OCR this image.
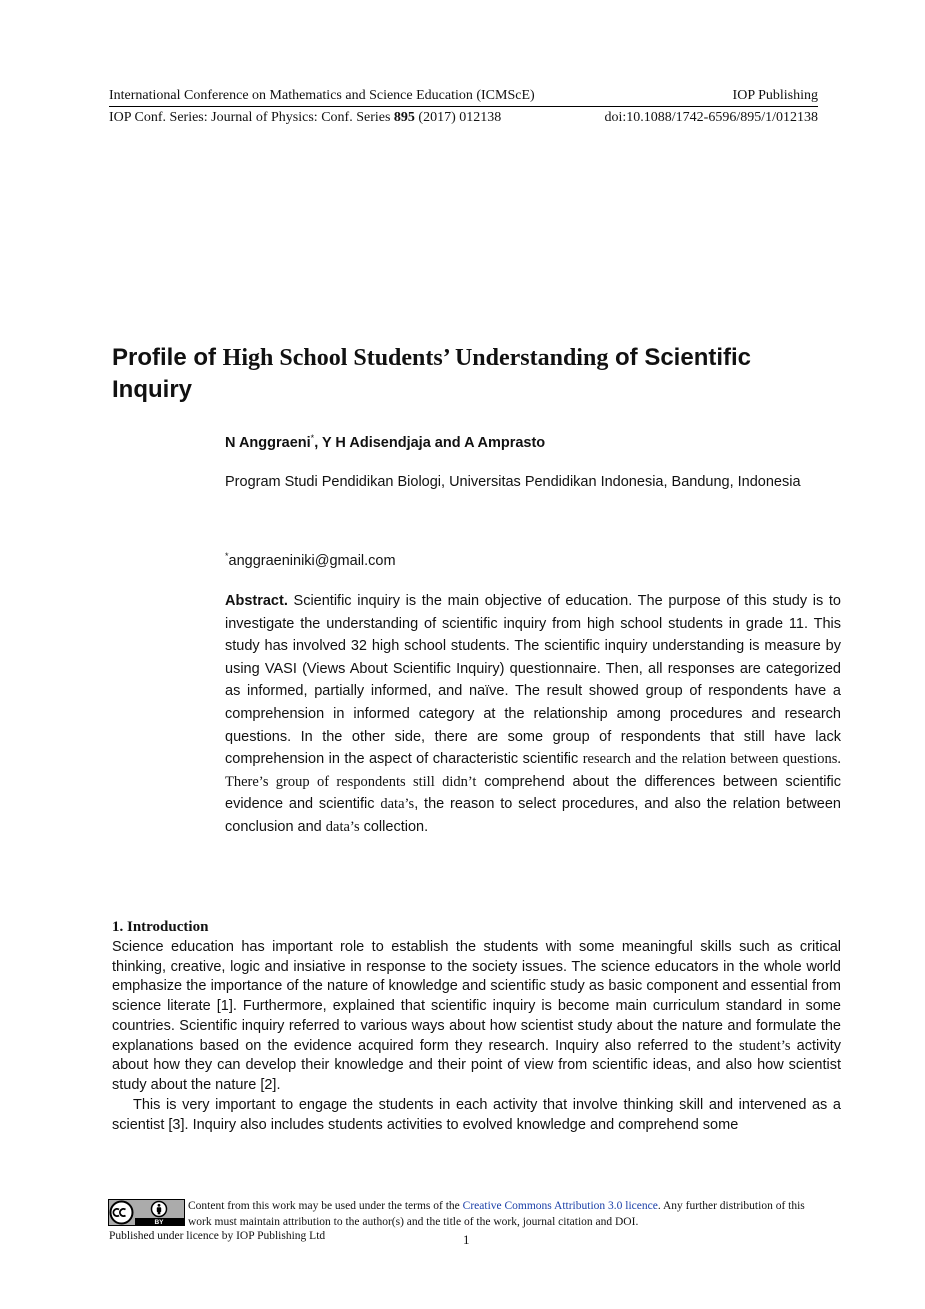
International Conference on Mathematics and Science Education (ICMScE)	IOP Publishing
IOP Conf. Series: Journal of Physics: Conf. Series 895 (2017) 012138	doi:10.1088/1742-6596/895/1/012138
Profile of High School Students’ Understanding of Scientific Inquiry

N Anggraeni*, Y H Adisendjaja and A Amprasto

Program Studi Pendidikan Biologi, Universitas Pendidikan Indonesia, Bandung, Indonesia

*anggraeniniki@gmail.com

Abstract. Scientific inquiry is the main objective of education. The purpose of this study is to investigate the understanding of scientific inquiry from high school students in grade 11. This study has involved 32 high school students. The scientific inquiry understanding is measure by using VASI (Views About Scientific Inquiry) questionnaire. Then, all responses are categorized as informed, partially informed, and naïve. The result showed group of respondents have a comprehension in informed category at the relationship among procedures and research questions. In the other side, there are some group of respondents that still have lack comprehension in the aspect of characteristic scientific research and the relation between questions. There’s group of respondents still didn’t comprehend about the differences between scientific evidence and scientific data’s, the reason to select procedures, and also the relation between conclusion and data’s collection.

1. Introduction

Science education has important role to establish the students with some meaningful skills such as critical thinking, creative, logic and insiative in response to the society issues. The science educators in the whole world emphasize the importance of the nature of knowledge and scientific study as basic component and essential from science literate [1]. Furthermore, explained that scientific inquiry is become main curriculum standard in some countries. Scientific inquiry referred to various ways about how scientist study about the nature and formulate the explanations based on the evidence acquired form they research. Inquiry also referred to the student’s activity about how they can develop their knowledge and their point of view from scientific ideas, and also how scientist study about the nature [2].

This is very important to engage the students in each activity that involve thinking skill and intervened as a scientist [3]. Inquiry also includes students activities to evolved knowledge and comprehend some

BY

Content from this work may be used under the terms of the Creative Commons Attribution 3.0 licence. Any further distribution of this work must maintain attribution to the author(s) and the title of the work, journal citation and DOI.

Published under licence by IOP Publishing Ltd	1
